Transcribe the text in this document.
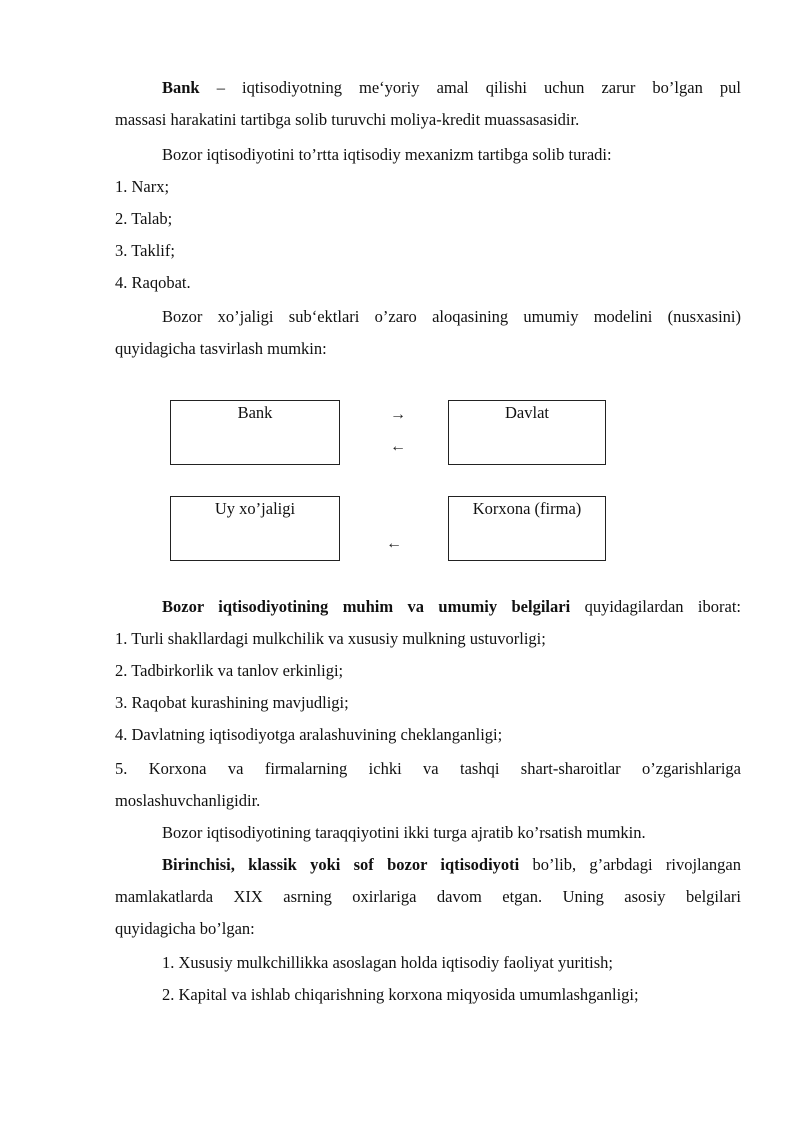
Bank – iqtisodiyotning me‘yoriy amal qilishi uchun zarur bo’lgan pul
massasi harakatini tartibga solib turuvchi moliya-kredit muassasasidir.
Bozor iqtisodiyotini to’rtta iqtisodiy mexanizm tartibga solib turadi:
1. Narx;
2. Talab;
3. Taklif;
4. Raqobat.
Bozor xo’jaligi sub‘ektlari o’zaro aloqasining umumiy modelini (nusxasini)
quyidagicha tasvirlash mumkin:
Bank	Davlat
→
←
Uy xo’jaligi	Korxona (firma)
←
Bozor iqtisodiyotining muhim va umumiy belgilari quyidagilardan iborat:
1. Turli shakllardagi mulkchilik va xususiy mulkning ustuvorligi;
2. Tadbirkorlik va tanlov erkinligi;
3. Raqobat kurashining mavjudligi;
4. Davlatning iqtisodiyotga aralashuvining cheklanganligi;
5. Korxona va firmalarning ichki va tashqi shart-sharoitlar o’zgarishlariga
moslashuvchanligidir.
Bozor iqtisodiyotining taraqqiyotini ikki turga ajratib ko’rsatish mumkin.
Birinchisi, klassik yoki sof bozor iqtisodiyoti bo’lib, g’arbdagi rivojlangan
mamlakatlarda XIX asrning oxirlariga davom etgan. Uning asosiy belgilari
quyidagicha bo’lgan:
1. Xususiy mulkchillikka asoslagan holda iqtisodiy faoliyat yuritish;
2. Kapital va ishlab chiqarishning korxona miqyosida umumlashganligi;
